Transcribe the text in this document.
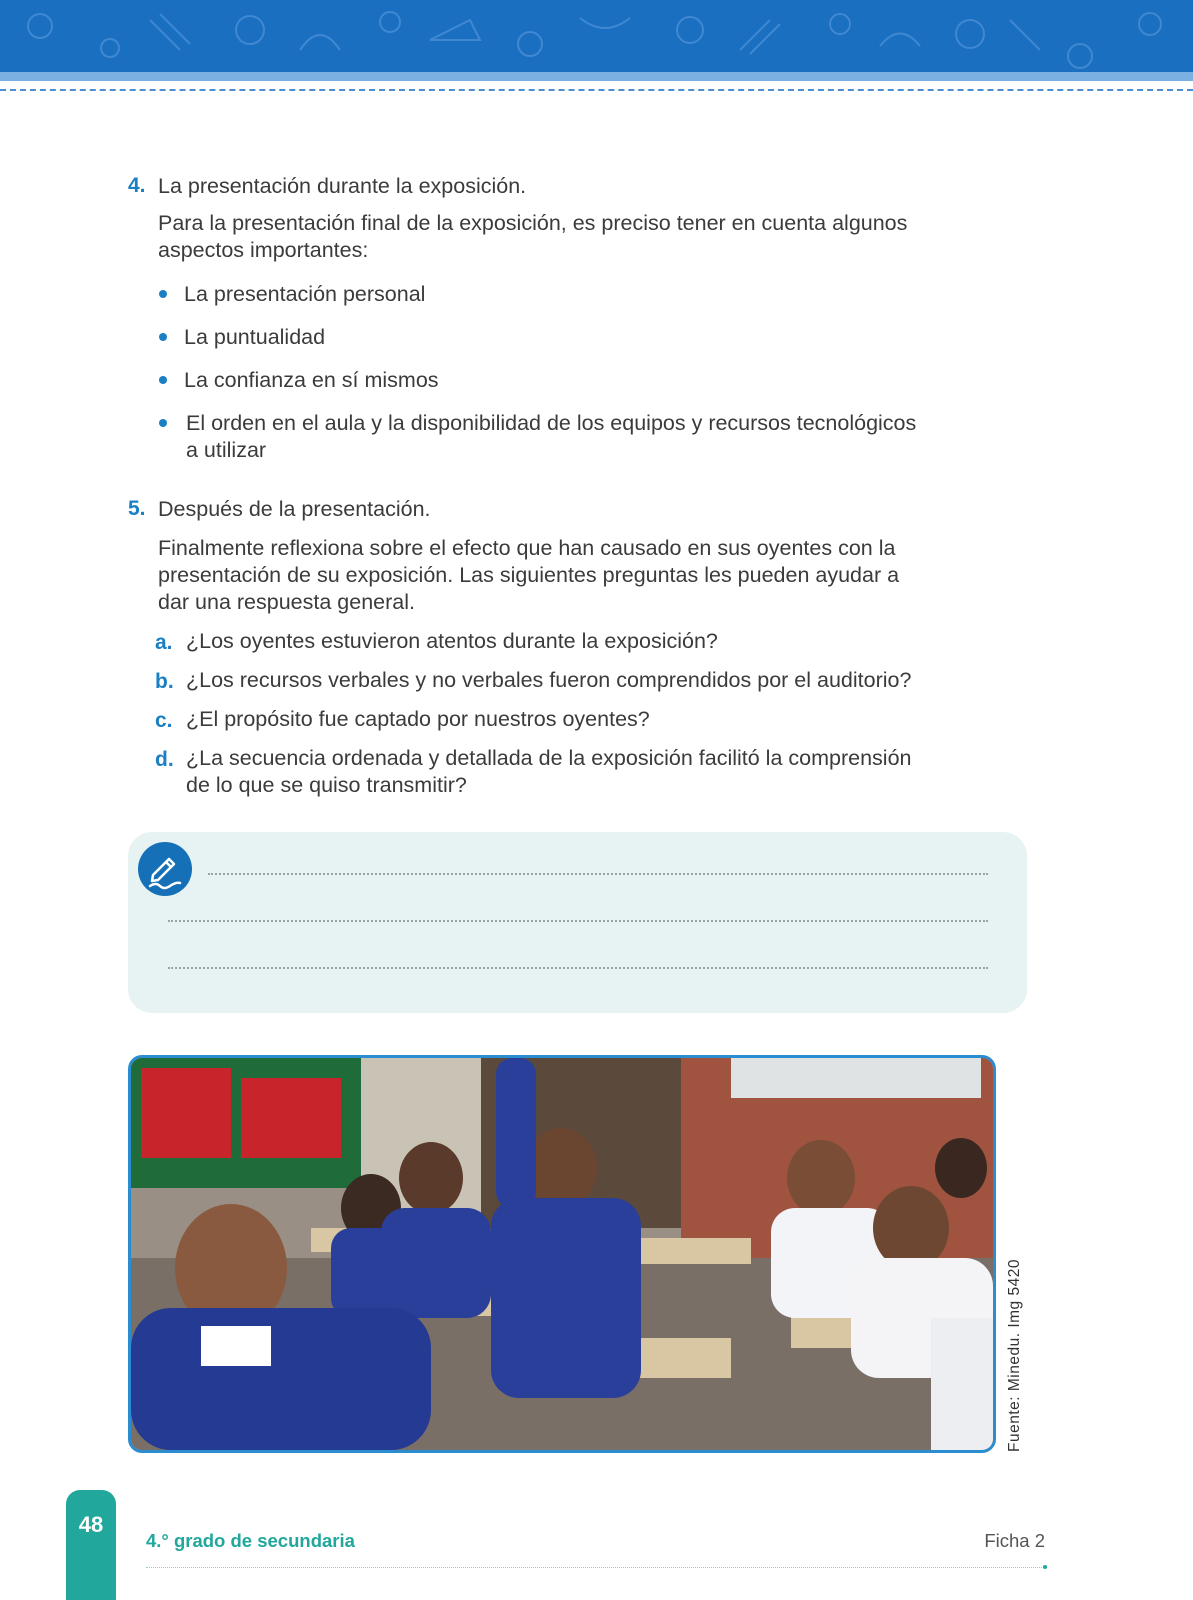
4. La presentación durante la exposición.
Para la presentación final de la exposición, es preciso tener en cuenta algunos
aspectos importantes:
La presentación personal
La puntualidad
La confianza en sí mismos
El orden en el aula y la disponibilidad de los equipos y recursos tecnológicos
a utilizar
5. Después de la presentación.
Finalmente reflexiona sobre el efecto que han causado en sus oyentes con la
presentación de su exposición. Las siguientes preguntas les pueden ayudar a
dar una respuesta general.
a. ¿Los oyentes estuvieron atentos durante la exposición?
b. ¿Los recursos verbales y no verbales fueron comprendidos por el auditorio?
c. ¿El propósito fue captado por nuestros oyentes?
d. ¿La secuencia ordenada y detallada de la exposición facilitó la comprensión
de lo que se quiso transmitir?
Fuente: Minedu. Img 5420
48
4.° grado de secundaria	Ficha 2
